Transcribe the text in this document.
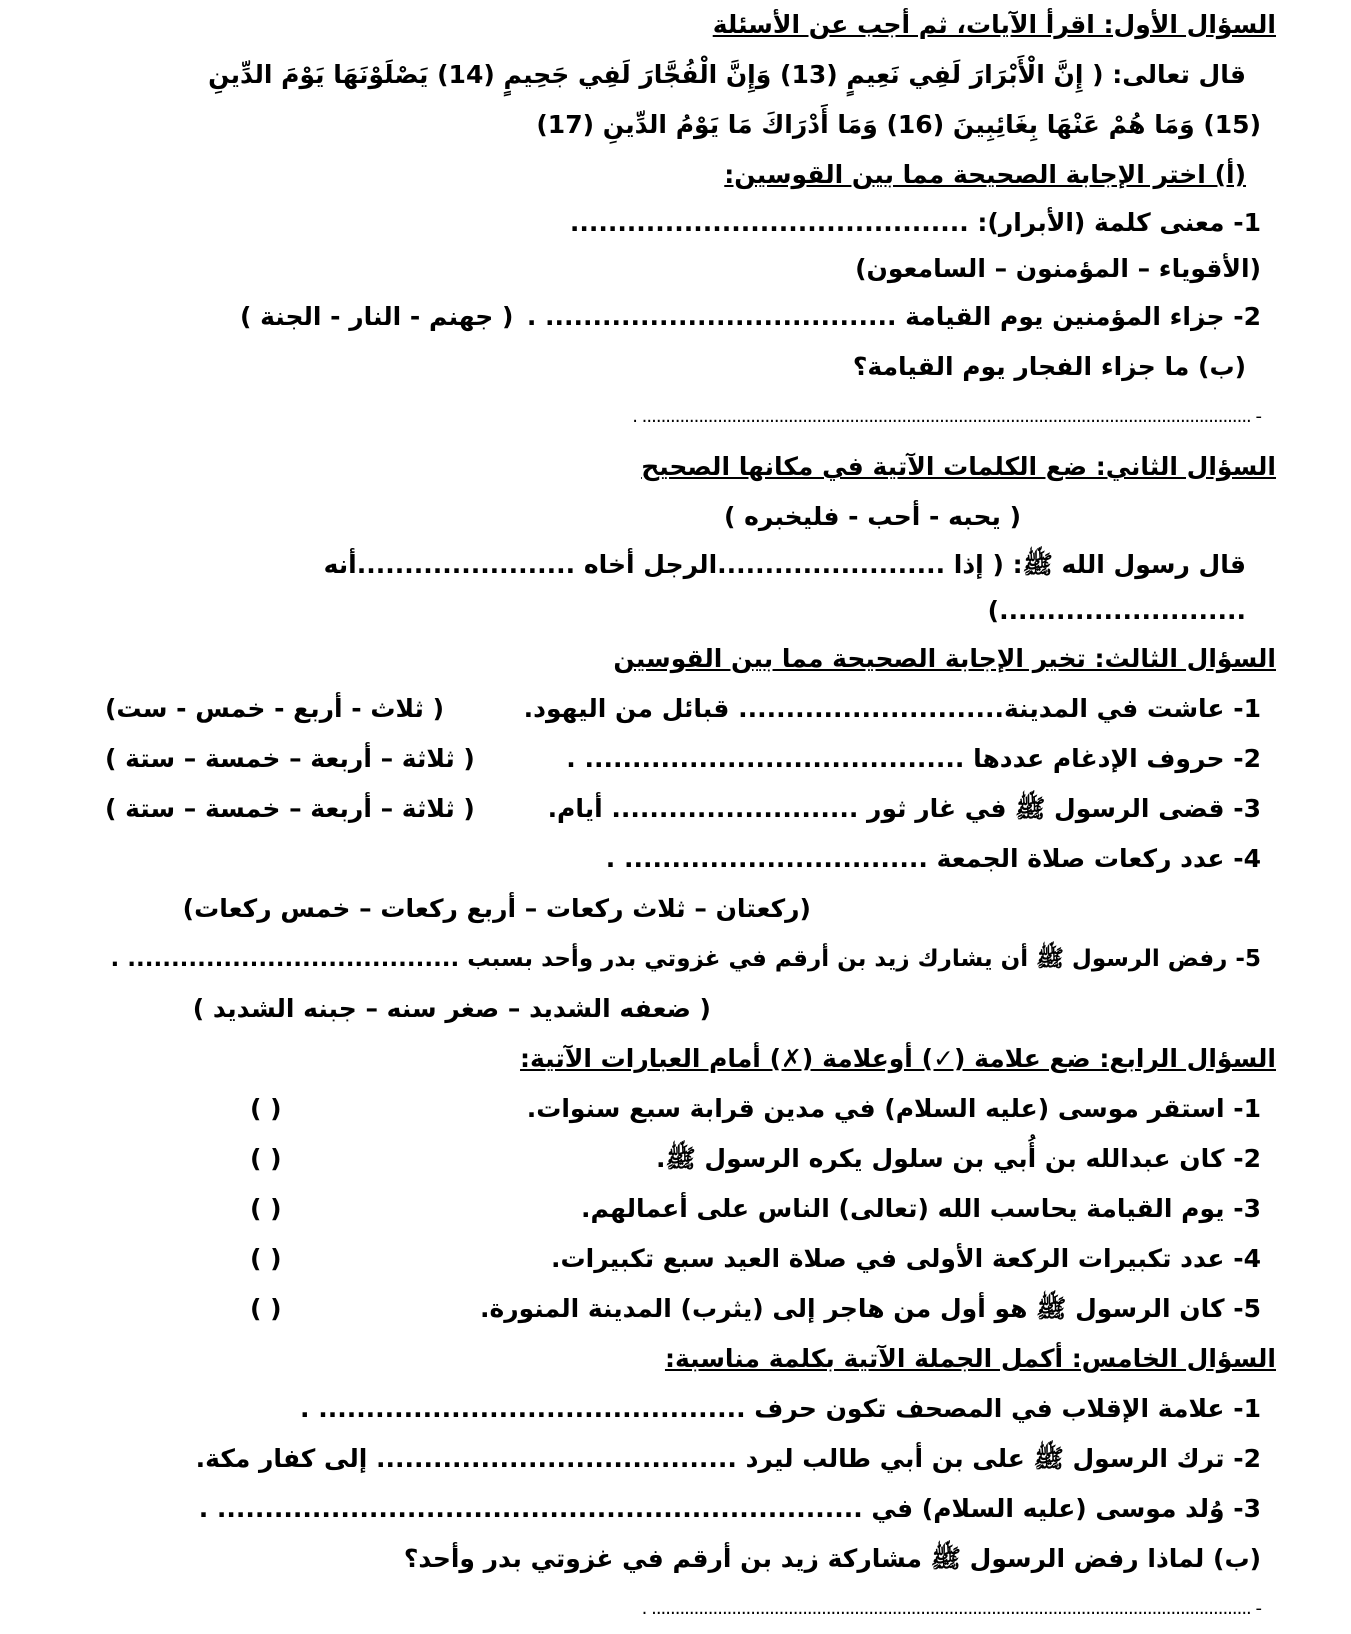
السؤال الأول: اقرأ الآيات، ثم أجب عن الأسئلة
قال تعالى: ( إِنَّ الْأَبْرَارَ لَفِي نَعِيمٍ (13) وَإِنَّ الْفُجَّارَ لَفِي جَحِيمٍ (14) يَصْلَوْنَهَا يَوْمَ الدِّينِ
(15) وَمَا هُمْ عَنْهَا بِغَائِبِينَ (16) وَمَا أَدْرَاكَ مَا يَوْمُ الدِّينِ (17)
(أ) اختر الإجابة الصحيحة مما بين القوسين:
1- معنى كلمة (الأبرار): ..........................................
(الأقوياء – المؤمنون – السامعون)
2- جزاء المؤمنين يوم القيامة ..................................... .
( جهنم - النار - الجنة )
(ب) ما جزاء الفجار يوم القيامة؟
- ................................................................................................................................. .
السؤال الثاني: ضع الكلمات الآتية في مكانها الصحيح
( يحبه - أحب - فليخبره )
قال رسول الله ﷺ: ( إذا ........................الرجل أخاه .......................أنه ..........................)
السؤال الثالث: تخير الإجابة الصحيحة مما بين القوسين
1- عاشت في المدينة............................ قبائل من اليهود.
( ثلاث - أربع - خمس - ست)
2- حروف الإدغام عددها ........................................ .
( ثلاثة – أربعة – خمسة – ستة )
3- قضى الرسول ﷺ في غار ثور .......................... أيام.
( ثلاثة – أربعة – خمسة – ستة )
4- عدد ركعات صلاة الجمعة ................................ .
(ركعتان – ثلاث ركعات – أربع ركعات – خمس ركعات)
5- رفض الرسول ﷺ أن يشارك زيد بن أرقم في غزوتي بدر وأحد بسبب ...................................... .
( ضعفه الشديد – صغر سنه – جبنه الشديد )
السؤال الرابع: ضع علامة (✓) أوعلامة (✗) أمام العبارات الآتية:
1- استقر موسى (عليه السلام) في مدين قرابة سبع سنوات.
( )
2- كان عبدالله بن أُبي بن سلول يكره الرسول ﷺ.
( )
3- يوم القيامة يحاسب الله (تعالى) الناس على أعمالهم.
( )
4- عدد تكبيرات الركعة الأولى في صلاة العيد سبع تكبيرات.
( )
5- كان الرسول ﷺ هو أول من هاجر إلى (يثرب) المدينة المنورة.
( )
السؤال الخامس: أكمل الجملة الآتية بكلمة مناسبة:
1- علامة الإقلاب في المصحف تكون حرف ............................................. .
2- ترك الرسول ﷺ على بن أبي طالب ليرد ...................................... إلى كفار مكة.
3- وُلد موسى (عليه السلام) في .................................................................... .
(ب) لماذا رفض الرسول ﷺ مشاركة زيد بن أرقم في غزوتي بدر وأحد؟
- ............................................................................................................................... .
